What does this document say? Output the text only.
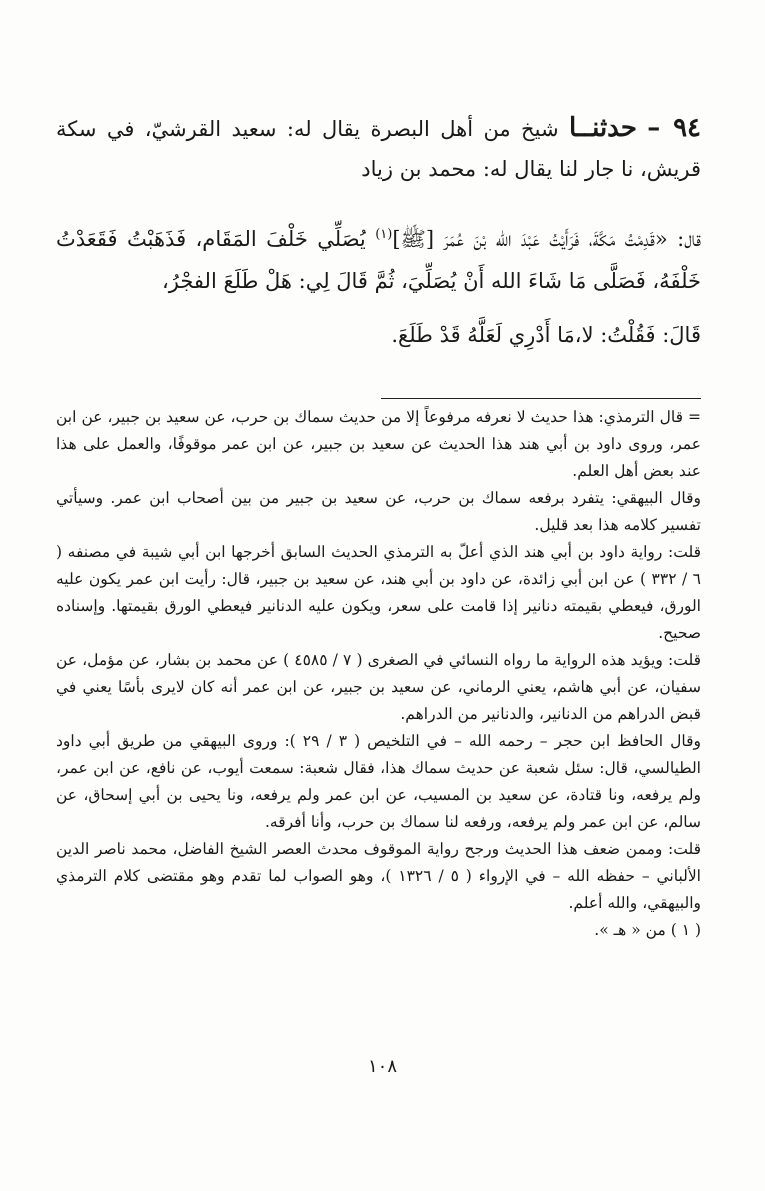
٩٤ – حدثنــا شيخ من أهل البصرة يقال له: سعيد القرشيّ، في سكة قريش، نا جار لنا يقال له: محمد بن زياد

قال: «قَدِمْتُ مَكَّةَ، فَرَأَيْتُ عَبْدَ الله بْنَ عُمَرَ [ﷺ]$^{(١)}$ يُصَلِّي خَلْفَ المَقَام، فَذَهَبْتُ فَقَعَدْتُ خَلْفَهُ، فَصَلَّى مَا شَاءَ الله أَنْ يُصَلِّيَ، ثُمَّ قَالَ لِي: هَلْ طَلَعَ الفجْرُ،

قَالَ: فَقُلْتُ: لا،مَا أَدْرِي لَعَلَّهُ قَدْ طَلَعَ.

= قال الترمذي: هذا حديث لا نعرفه مرفوعاً إلا من حديث سماك بن حرب، عن سعيد بن جبير، عن ابن عمر، وروى داود بن أبي هند هذا الحديث عن سعيد بن جبير، عن ابن عمر موقوفًا، والعمل على هذا عند بعض أهل العلم.

وقال البيهقي: يتفرد برفعه سماك بن حرب، عن سعيد بن جبير من بين أصحاب ابن عمر. وسيأتي تفسير كلامه هذا بعد قليل.

قلت: رواية داود بن أبي هند الذي أعلّ به الترمذي الحديث السابق أخرجها ابن أبي شيبة في مصنفه ( ٦ / ٣٣٢ ) عن ابن أبي زائدة، عن داود بن أبي هند، عن سعيد بن جبير، قال: رأيت ابن عمر يكون عليه الورق، فيعطي بقيمته دنانير إذا قامت على سعر، ويكون عليه الدنانير فيعطي الورق بقيمتها. وإسناده صحيح.

قلت: ويؤيد هذه الرواية ما رواه النسائي في الصغرى ( ٧ / ٤٥٨٥ ) عن محمد بن بشار، عن مؤمل، عن سفيان، عن أبي هاشم، يعني الرماني، عن سعيد بن جبير، عن ابن عمر أنه كان لايرى بأسًا يعني في قبض الدراهم من الدنانير، والدنانير من الدراهم.

وقال الحافظ ابن حجر – رحمه الله – في التلخيص ( ٣ / ٢٩ ): وروى البيهقي من طريق أبي داود الطيالسي، قال: سئل شعبة عن حديث سماك هذا، فقال شعبة: سمعت أيوب، عن نافع، عن ابن عمر، ولم يرفعه، ونا قتادة، عن سعيد بن المسيب، عن ابن عمر ولم يرفعه، ونا يحيى بن أبي إسحاق، عن سالم، عن ابن عمر ولم يرفعه، ورفعه لنا سماك بن حرب، وأنا أفرقه.

قلت: وممن ضعف هذا الحديث ورجح رواية الموقوف محدث العصر الشيخ الفاضل، محمد ناصر الدين الألباني – حفظه الله – في الإرواء ( ٥ / ١٣٢٦ )، وهو الصواب لما تقدم وهو مقتضى كلام الترمذي والبيهقي، والله أعلم.

( ١ ) من « هـ ».

١٠٨
